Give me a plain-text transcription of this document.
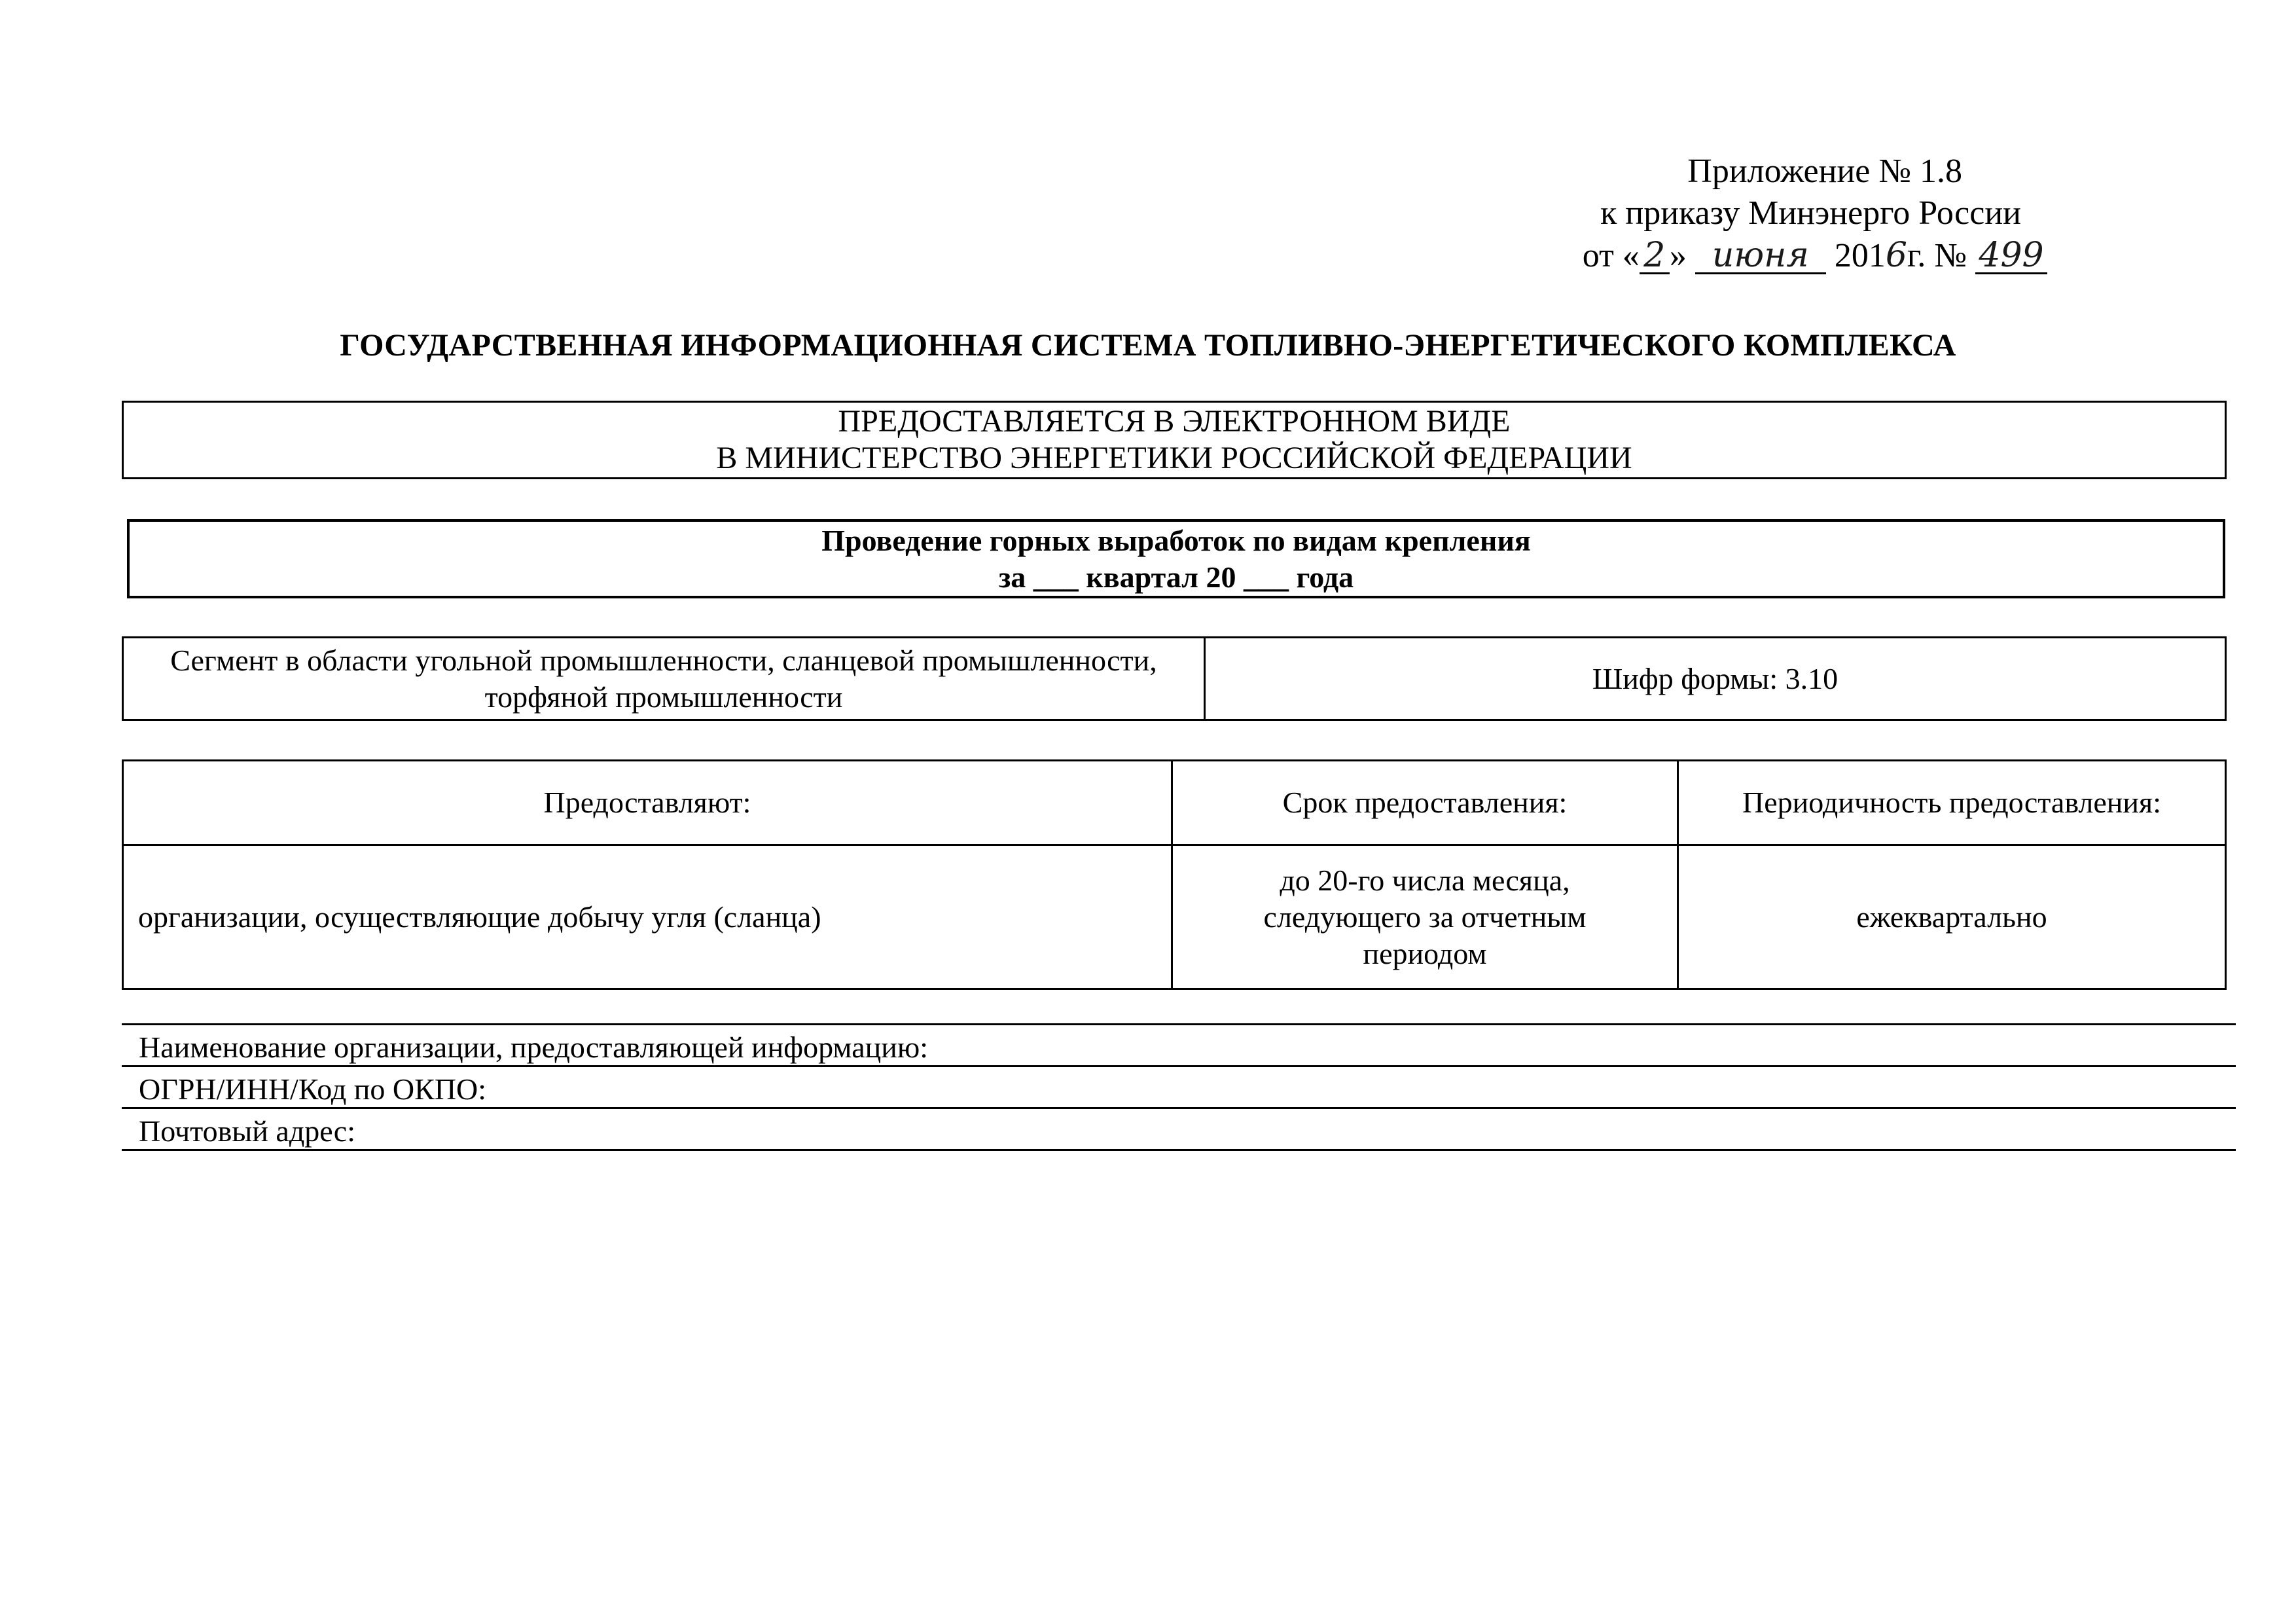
Приложение № 1.8
к приказу Минэнерго России
от « 2 » июня 2016г. № 499
ГОСУДАРСТВЕННАЯ ИНФОРМАЦИОННАЯ СИСТЕМА ТОПЛИВНО-ЭНЕРГЕТИЧЕСКОГО КОМПЛЕКСА
ПРЕДОСТАВЛЯЕТСЯ В ЭЛЕКТРОННОМ ВИДЕ
В МИНИСТЕРСТВО ЭНЕРГЕТИКИ РОССИЙСКОЙ ФЕДЕРАЦИИ
Проведение горных выработок по видам крепления
за ___ квартал 20 ___ года
Сегмент в области угольной промышленности, сланцевой промышленности, торфяной промышленности	Шифр формы: 3.10
Предоставляют:	Срок предоставления:	Периодичность предоставления:
организации, осуществляющие добычу угля (сланца)	до 20-го числа месяца, следующего за отчетным периодом	ежеквартально
Наименование организации, предоставляющей информацию:
ОГРН/ИНН/Код по ОКПО:
Почтовый адрес:
